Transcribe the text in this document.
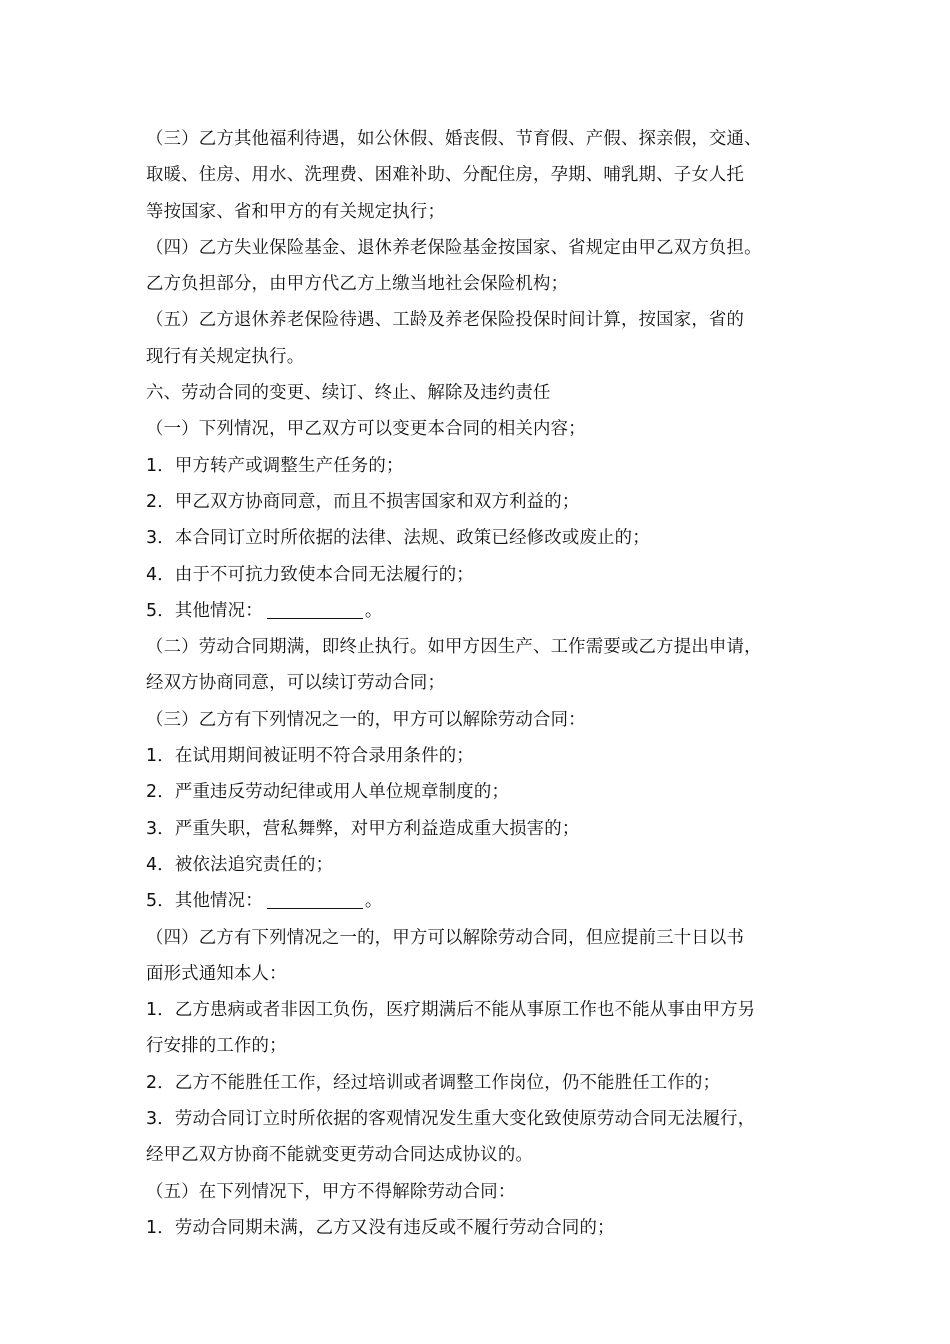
（三）乙方其他福利待遇，如公休假、婚丧假、节育假、产假、探亲假，交通、
取暖、住房、用水、洗理费、困难补助、分配住房，孕期、哺乳期、子女人托
等按国家、省和甲方的有关规定执行；
（四）乙方失业保险基金、退休养老保险基金按国家、省规定由甲乙双方负担。
乙方负担部分，由甲方代乙方上缴当地社会保险机构；
（五）乙方退休养老保险待遇、工龄及养老保险投保时间计算，按国家，省的
现行有关规定执行。
六、劳动合同的变更、续订、终止、解除及违约责任
（一）下列情况，甲乙双方可以变更本合同的相关内容；
1．甲方转产或调整生产任务的；
2．甲乙双方协商同意，而且不损害国家和双方利益的；
3．本合同订立时所依据的法律、法规、政策已经修改或废止的；
4．由于不可抗力致使本合同无法履行的；
5．其他情况：	。
（二）劳动合同期满，即终止执行。如甲方因生产、工作需要或乙方提出申请，
经双方协商同意，可以续订劳动合同；
（三）乙方有下列情况之一的，甲方可以解除劳动合同：
1．在试用期间被证明不符合录用条件的；
2．严重违反劳动纪律或用人单位规章制度的；
3．严重失职，营私舞弊，对甲方利益造成重大损害的；
4．被依法追究责任的；
5．其他情况：	。
（四）乙方有下列情况之一的，甲方可以解除劳动合同，但应提前三十日以书
面形式通知本人：
1．乙方患病或者非因工负伤，医疗期满后不能从事原工作也不能从事由甲方另
行安排的工作的；
2．乙方不能胜任工作，经过培训或者调整工作岗位，仍不能胜任工作的；
3．劳动合同订立时所依据的客观情况发生重大变化致使原劳动合同无法履行，
经甲乙双方协商不能就变更劳动合同达成协议的。
（五）在下列情况下，甲方不得解除劳动合同：
1．劳动合同期未满，乙方又没有违反或不履行劳动合同的；
